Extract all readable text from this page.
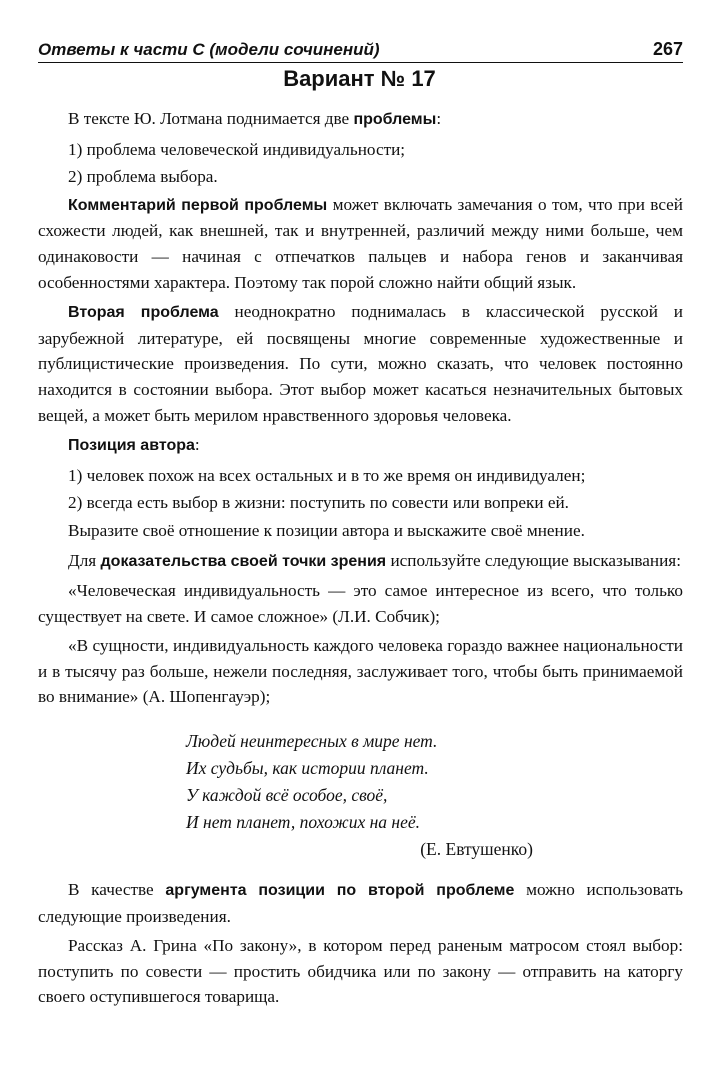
Ответы к части С (модели сочинений)	267
Вариант № 17

В тексте Ю. Лотмана поднимается две проблемы:

1) проблема человеческой индивидуальности;

2) проблема выбора.

Комментарий первой проблемы может включать замечания о том, что при всей схожести людей, как внешней, так и внутренней, различий между ними больше, чем одинаковости — начиная с отпечатков пальцев и набора генов и заканчивая особенностями характера. Поэтому так порой сложно найти общий язык.

Вторая проблема неоднократно поднималась в классической русской и зарубежной литературе, ей посвящены многие современные художественные и публицистические произведения. По сути, можно сказать, что человек постоянно находится в состоянии выбора. Этот выбор может касаться незначительных бытовых вещей, а может быть мерилом нравственного здоровья человека.

Позиция автора:

1) человек похож на всех остальных и в то же время он индивидуален;

2) всегда есть выбор в жизни: поступить по совести или вопреки ей.

Выразите своё отношение к позиции автора и выскажите своё мнение.

Для доказательства своей точки зрения используйте следующие высказывания:

«Человеческая индивидуальность — это самое интересное из всего, что только существует на свете. И самое сложное» (Л.И. Собчик);

«В сущности, индивидуальность каждого человека гораздо важнее национальности и в тысячу раз больше, нежели последняя, заслуживает того, чтобы быть принимаемой во внимание» (А. Шопенгауэр);

Людей неинтересных в мире нет.
Их судьбы, как истории планет.
У каждой всё особое, своё,
И нет планет, похожих на неё.
(Е. Евтушенко)

В качестве аргумента позиции по второй проблеме можно использовать следующие произведения.

Рассказ А. Грина «По закону», в котором перед раненым матросом стоял выбор: поступить по совести — простить обидчика или по закону — отправить на каторгу своего оступившегося товарища.
